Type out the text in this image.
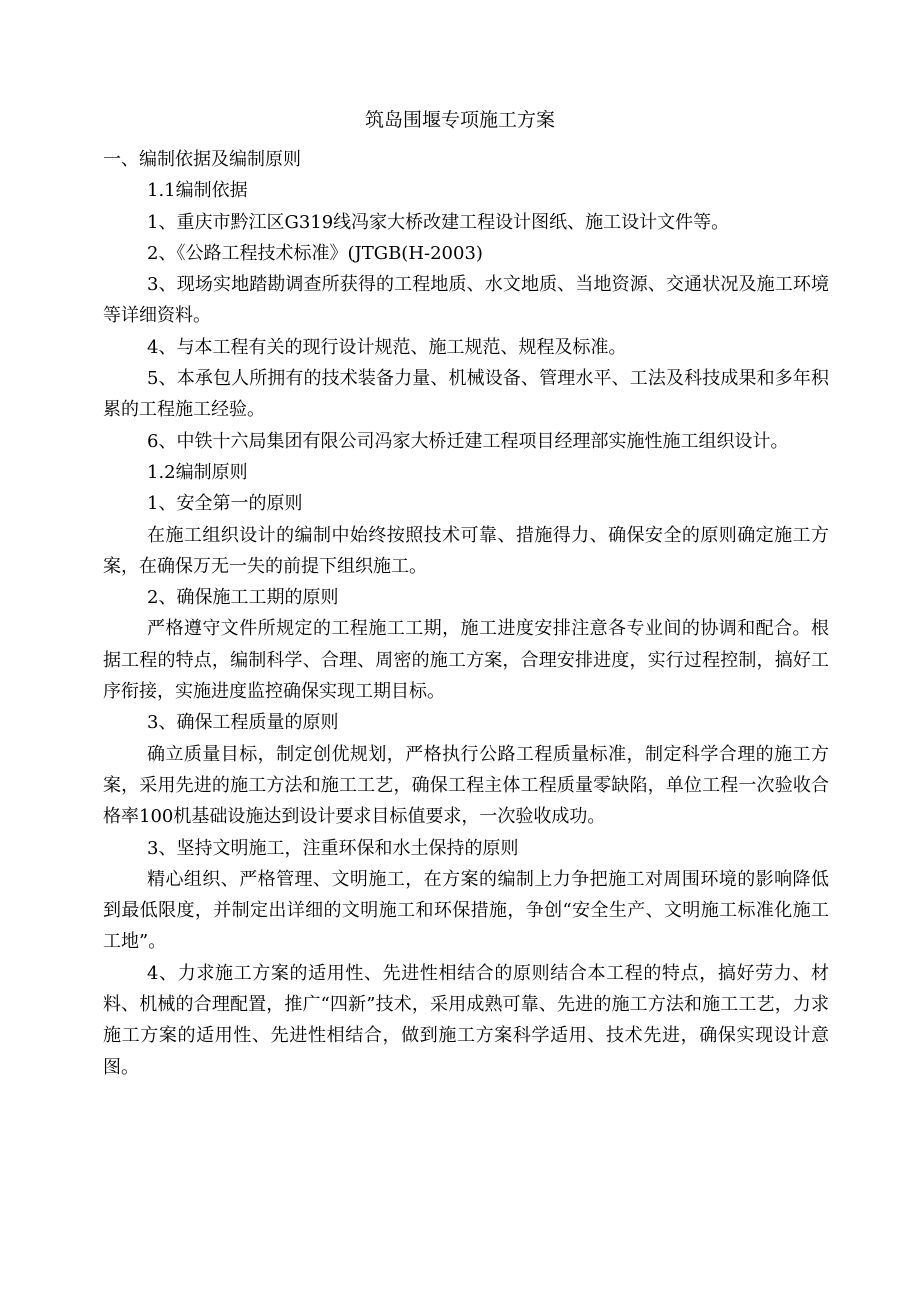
筑岛围堰专项施工方案

一、编制依据及编制原则

1.1编制依据

1、重庆市黔江区G319线冯家大桥改建工程设计图纸、施工设计文件等。

2、《公路工程技术标准》(JTGB(H-2003)

3、现场实地踏勘调查所获得的工程地质、水文地质、当地资源、交通状况及施工环境等详细资料。

4、与本工程有关的现行设计规范、施工规范、规程及标准。

5、本承包人所拥有的技术装备力量、机械设备、管理水平、工法及科技成果和多年积累的工程施工经验。

6、中铁十六局集团有限公司冯家大桥迁建工程项目经理部实施性施工组织设计。

1.2编制原则

1、安全第一的原则

在施工组织设计的编制中始终按照技术可靠、措施得力、确保安全的原则确定施工方案，在确保万无一失的前提下组织施工。

2、确保施工工期的原则

严格遵守文件所规定的工程施工工期，施工进度安排注意各专业间的协调和配合。根据工程的特点，编制科学、合理、周密的施工方案，合理安排进度，实行过程控制，搞好工序衔接，实施进度监控确保实现工期目标。

3、确保工程质量的原则

确立质量目标，制定创优规划，严格执行公路工程质量标准，制定科学合理的施工方案，采用先进的施工方法和施工工艺，确保工程主体工程质量零缺陷，单位工程一次验收合格率100机基础设施达到设计要求目标值要求，一次验收成功。

3、坚持文明施工，注重环保和水土保持的原则

精心组织、严格管理、文明施工，在方案的编制上力争把施工对周围环境的影响降低到最低限度，并制定出详细的文明施工和环保措施，争创“安全生产、文明施工标准化施工工地”。

4、力求施工方案的适用性、先进性相结合的原则结合本工程的特点，搞好劳力、材料、机械的合理配置，推广“四新”技术，采用成熟可靠、先进的施工方法和施工工艺，力求施工方案的适用性、先进性相结合，做到施工方案科学适用、技术先进，确保实现设计意图。
